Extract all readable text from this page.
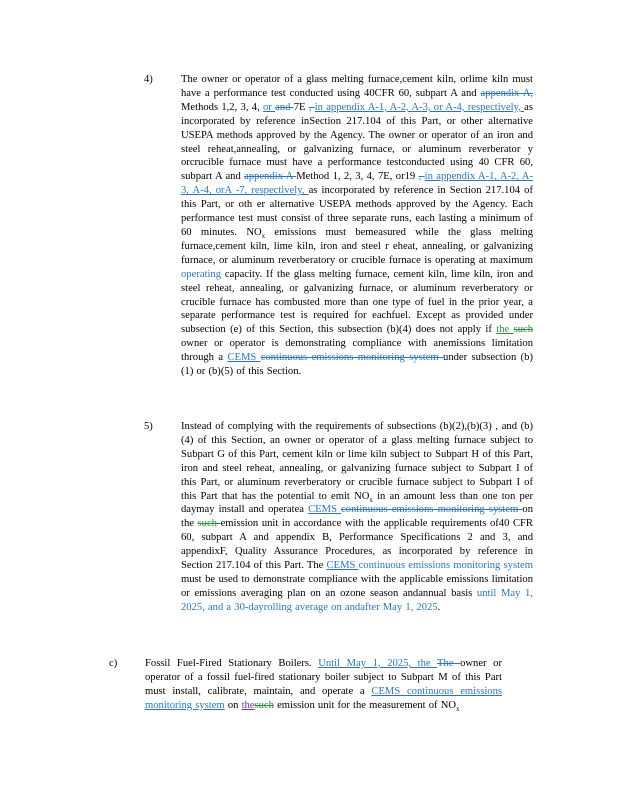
4)	The owner or operator of a glass melting furnace,cement kiln, orlime kiln must have a performance test conducted using 40CFR 60, subpart A and appendix A, Methods 1,2, 3, 4, or and 7E , in appendix A-1, A-2, A-3, or A-4, respectively, as incorporated by reference inSection 217.104 of this Part, or other alternative USEPA methods approved by the Agency. The owner or operator of an iron and steel reheat,annealing, or galvanizing furnace, or aluminum reverberator y orcrucible furnace must have a performance testconducted using 40 CFR 60, subpart A and appendix A Method 1, 2, 3, 4, 7E, or19 , in appendix A-1, A-2, A-3, A-4, orA -7, respectively, as incorporated by reference in Section 217.104 of this Part, or oth er alternative USEPA methods approved by the Agency. Each performance test must consist of three separate runs, each lasting a minimum of 60 minutes. $NO_x$ emissions must bemeasured while the glass melting furnace,cement kiln, lime kiln, iron and steel r eheat, annealing, or galvanizing furnace, or aluminum reverberatory or crucible furnace is operating at maximum operating capacity. If the glass melting furnace, cement kiln, lime kiln, iron and steel reheat, annealing, or galvanizing furnace, or aluminum reverberatory or crucible furnace has combusted more than one type of fuel in the prior year, a separate performance test is required for eachfuel. Except as provided under subsection (e) of this Section, this subsection (b)(4) does not apply if the such owner or operator is demonstrating compliance with anemissions limitation through a CEMS continuous emissions monitoring system under subsection (b)(1) or (b)(5) of this Section.
5)	Instead of complying with the requirements of subsections (b)(2),(b)(3) , and (b)(4) of this Section, an owner or operator of a glass melting furnace subject to Subpart G of this Part, cement kiln or lime kiln subject to Subpart H of this Part, iron and steel reheat, annealing, or galvanizing furnace subject to Subpart I of this Part, or aluminum reverberatory or crucible furnace subject to Subpart I of this Part that has the potential to emit $NO_x$ in an amount less than one ton per daymay install and operatea CEMS continuous emissions monitoring system on the such emission unit in accordance with the applicable requirements of40 CFR 60, subpart A and appendix B, Performance Specifications 2 and 3, and appendixF, Quality Assurance Procedures, as incorporated by reference in Section 217.104 of this Part. The CEMS continuous emissions monitoring system must be used to demonstrate compliance with the applicable emissions limitation or emissions averaging plan on an ozone season andannual basis until May 1, 2025, and a 30-dayrolling average on andafter May 1, 2025.
c)	Fossil Fuel-Fired Stationary Boilers. Until May 1, 2025, the The owner or operator of a fossil fuel-fired stationary boiler subject to Subpart M of this Part must install, calibrate, maintain, and operate a CEMS continuous emissions monitoring system on thesuch emission unit for the measurement of $NO_x$
